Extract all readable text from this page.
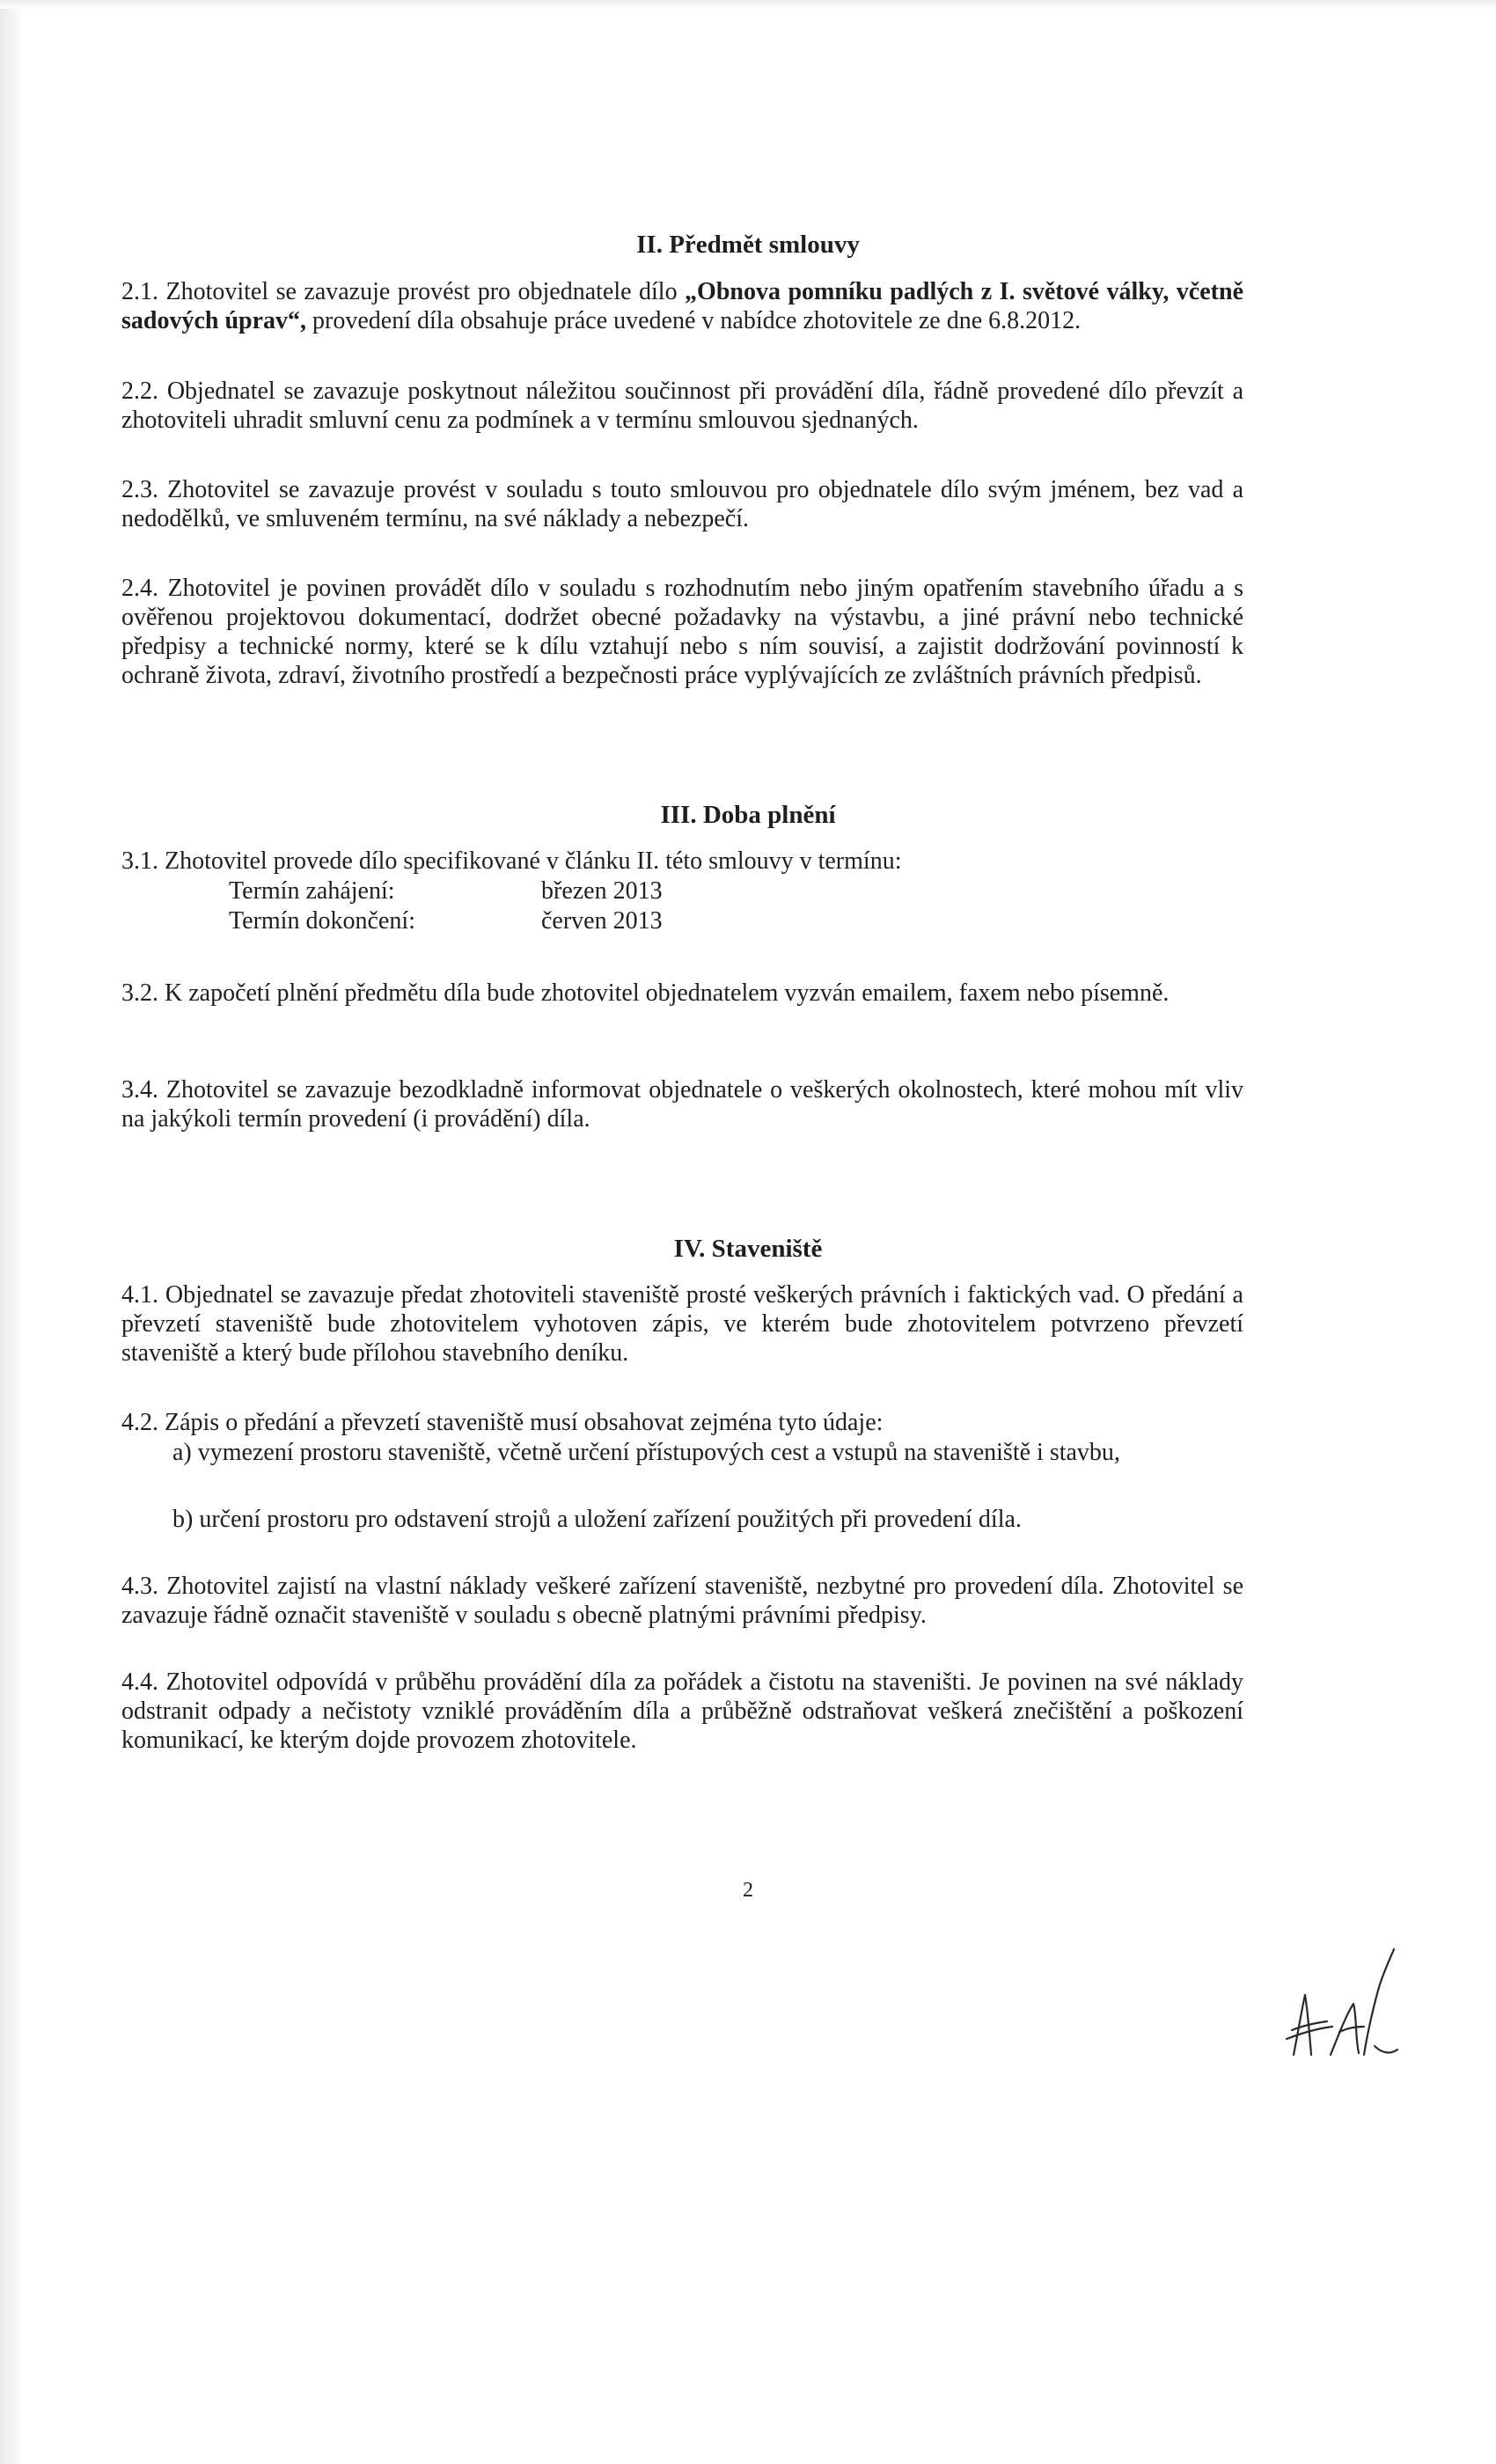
II. Předmět smlouvy

2.1. Zhotovitel se zavazuje provést pro objednatele dílo „Obnova pomníku padlých z I. světové války, včetně sadových úprav“, provedení díla obsahuje práce uvedené v nabídce zhotovitele ze dne 6.8.2012.

2.2. Objednatel se zavazuje poskytnout náležitou součinnost při provádění díla, řádně provedené dílo převzít a zhotoviteli uhradit smluvní cenu za podmínek a v termínu smlouvou sjednaných.

2.3. Zhotovitel se zavazuje provést v souladu s touto smlouvou pro objednatele dílo svým jménem, bez vad a nedodělků, ve smluveném termínu, na své náklady a nebezpečí.

2.4. Zhotovitel je povinen provádět dílo v souladu s rozhodnutím nebo jiným opatřením stavebního úřadu a s ověřenou projektovou dokumentací, dodržet obecné požadavky na výstavbu, a jiné právní nebo technické předpisy a technické normy, které se k dílu vztahují nebo s ním souvisí, a zajistit dodržování povinností k ochraně života, zdraví, životního prostředí a bezpečnosti práce vyplývajících ze zvláštních právních předpisů.

III. Doba plnění

3.1. Zhotovitel provede dílo specifikované v článku II. této smlouvy v termínu:

Termín zahájení:	březen 2013
Termín dokončení:	červen 2013

3.2. K započetí plnění předmětu díla bude zhotovitel objednatelem vyzván emailem, faxem nebo písemně.

3.4. Zhotovitel se zavazuje bezodkladně informovat objednatele o veškerých okolnostech, které mohou mít vliv na jakýkoli termín provedení (i provádění) díla.

IV. Staveniště

4.1. Objednatel se zavazuje předat zhotoviteli staveniště prosté veškerých právních i faktických vad. O předání a převzetí staveniště bude zhotovitelem vyhotoven zápis, ve kterém bude zhotovitelem potvrzeno převzetí staveniště a který bude přílohou stavebního deníku.

4.2. Zápis o předání a převzetí staveniště musí obsahovat zejména tyto údaje:

a) vymezení prostoru staveniště, včetně určení přístupových cest a vstupů na staveniště i stavbu,

b) určení prostoru pro odstavení strojů a uložení zařízení použitých při provedení díla.

4.3. Zhotovitel zajistí na vlastní náklady veškeré zařízení staveniště, nezbytné pro provedení díla. Zhotovitel se zavazuje řádně označit staveniště v souladu s obecně platnými právními předpisy.

4.4. Zhotovitel odpovídá v průběhu provádění díla za pořádek a čistotu na staveništi. Je povinen na své náklady odstranit odpady a nečistoty vzniklé prováděním díla a průběžně odstraňovat veškerá znečištění a poškození komunikací, ke kterým dojde provozem zhotovitele.

2
